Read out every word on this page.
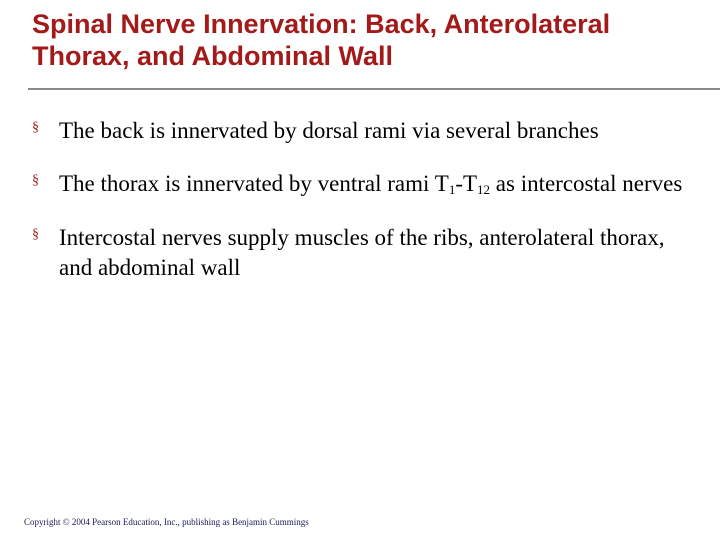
Spinal Nerve Innervation: Back, Anterolateral Thorax, and Abdominal Wall
§ The back is innervated by dorsal rami via several branches
§ The thorax is innervated by ventral rami $T_1-T_{12}$ as intercostal nerves
§ Intercostal nerves supply muscles of the ribs, anterolateral thorax, and abdominal wall
Copyright © 2004 Pearson Education, Inc., publishing as Benjamin Cummings
